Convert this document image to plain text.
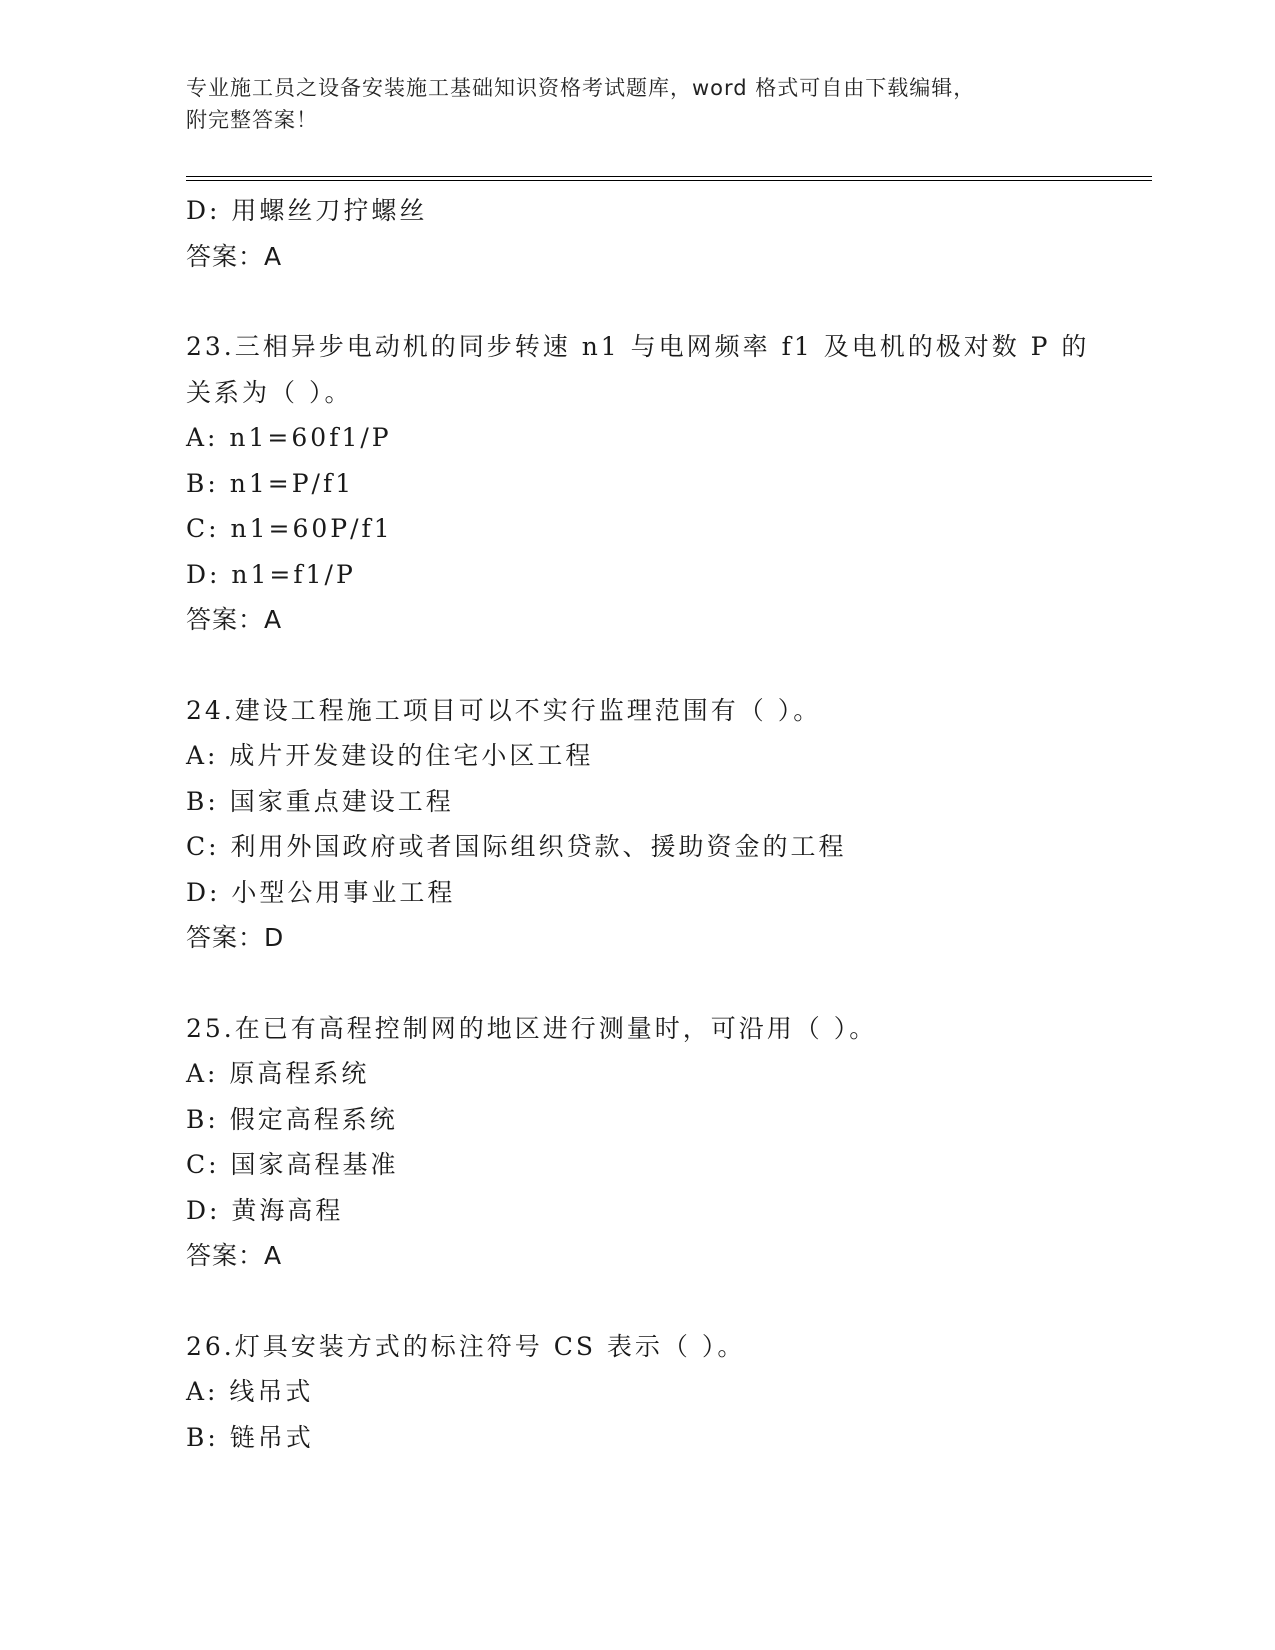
专业施工员之设备安装施工基础知识资格考试题库，word 格式可自由下载编辑，
附完整答案！

D: 用螺丝刀拧螺丝

答案：A

23.三相异步电动机的同步转速 n1 与电网频率 f1 及电机的极对数 P 的

关系为（ ）。

A: n1=60f1/P

B: n1=P/f1

C: n1=60P/f1

D: n1=f1/P

答案：A

24.建设工程施工项目可以不实行监理范围有（ ）。

A: 成片开发建设的住宅小区工程

B: 国家重点建设工程

C: 利用外国政府或者国际组织贷款、援助资金的工程

D: 小型公用事业工程

答案：D

25.在已有高程控制网的地区进行测量时，可沿用（ ）。

A: 原高程系统

B: 假定高程系统

C: 国家高程基准

D: 黄海高程

答案：A

26.灯具安装方式的标注符号 CS 表示（ ）。

A: 线吊式

B: 链吊式
